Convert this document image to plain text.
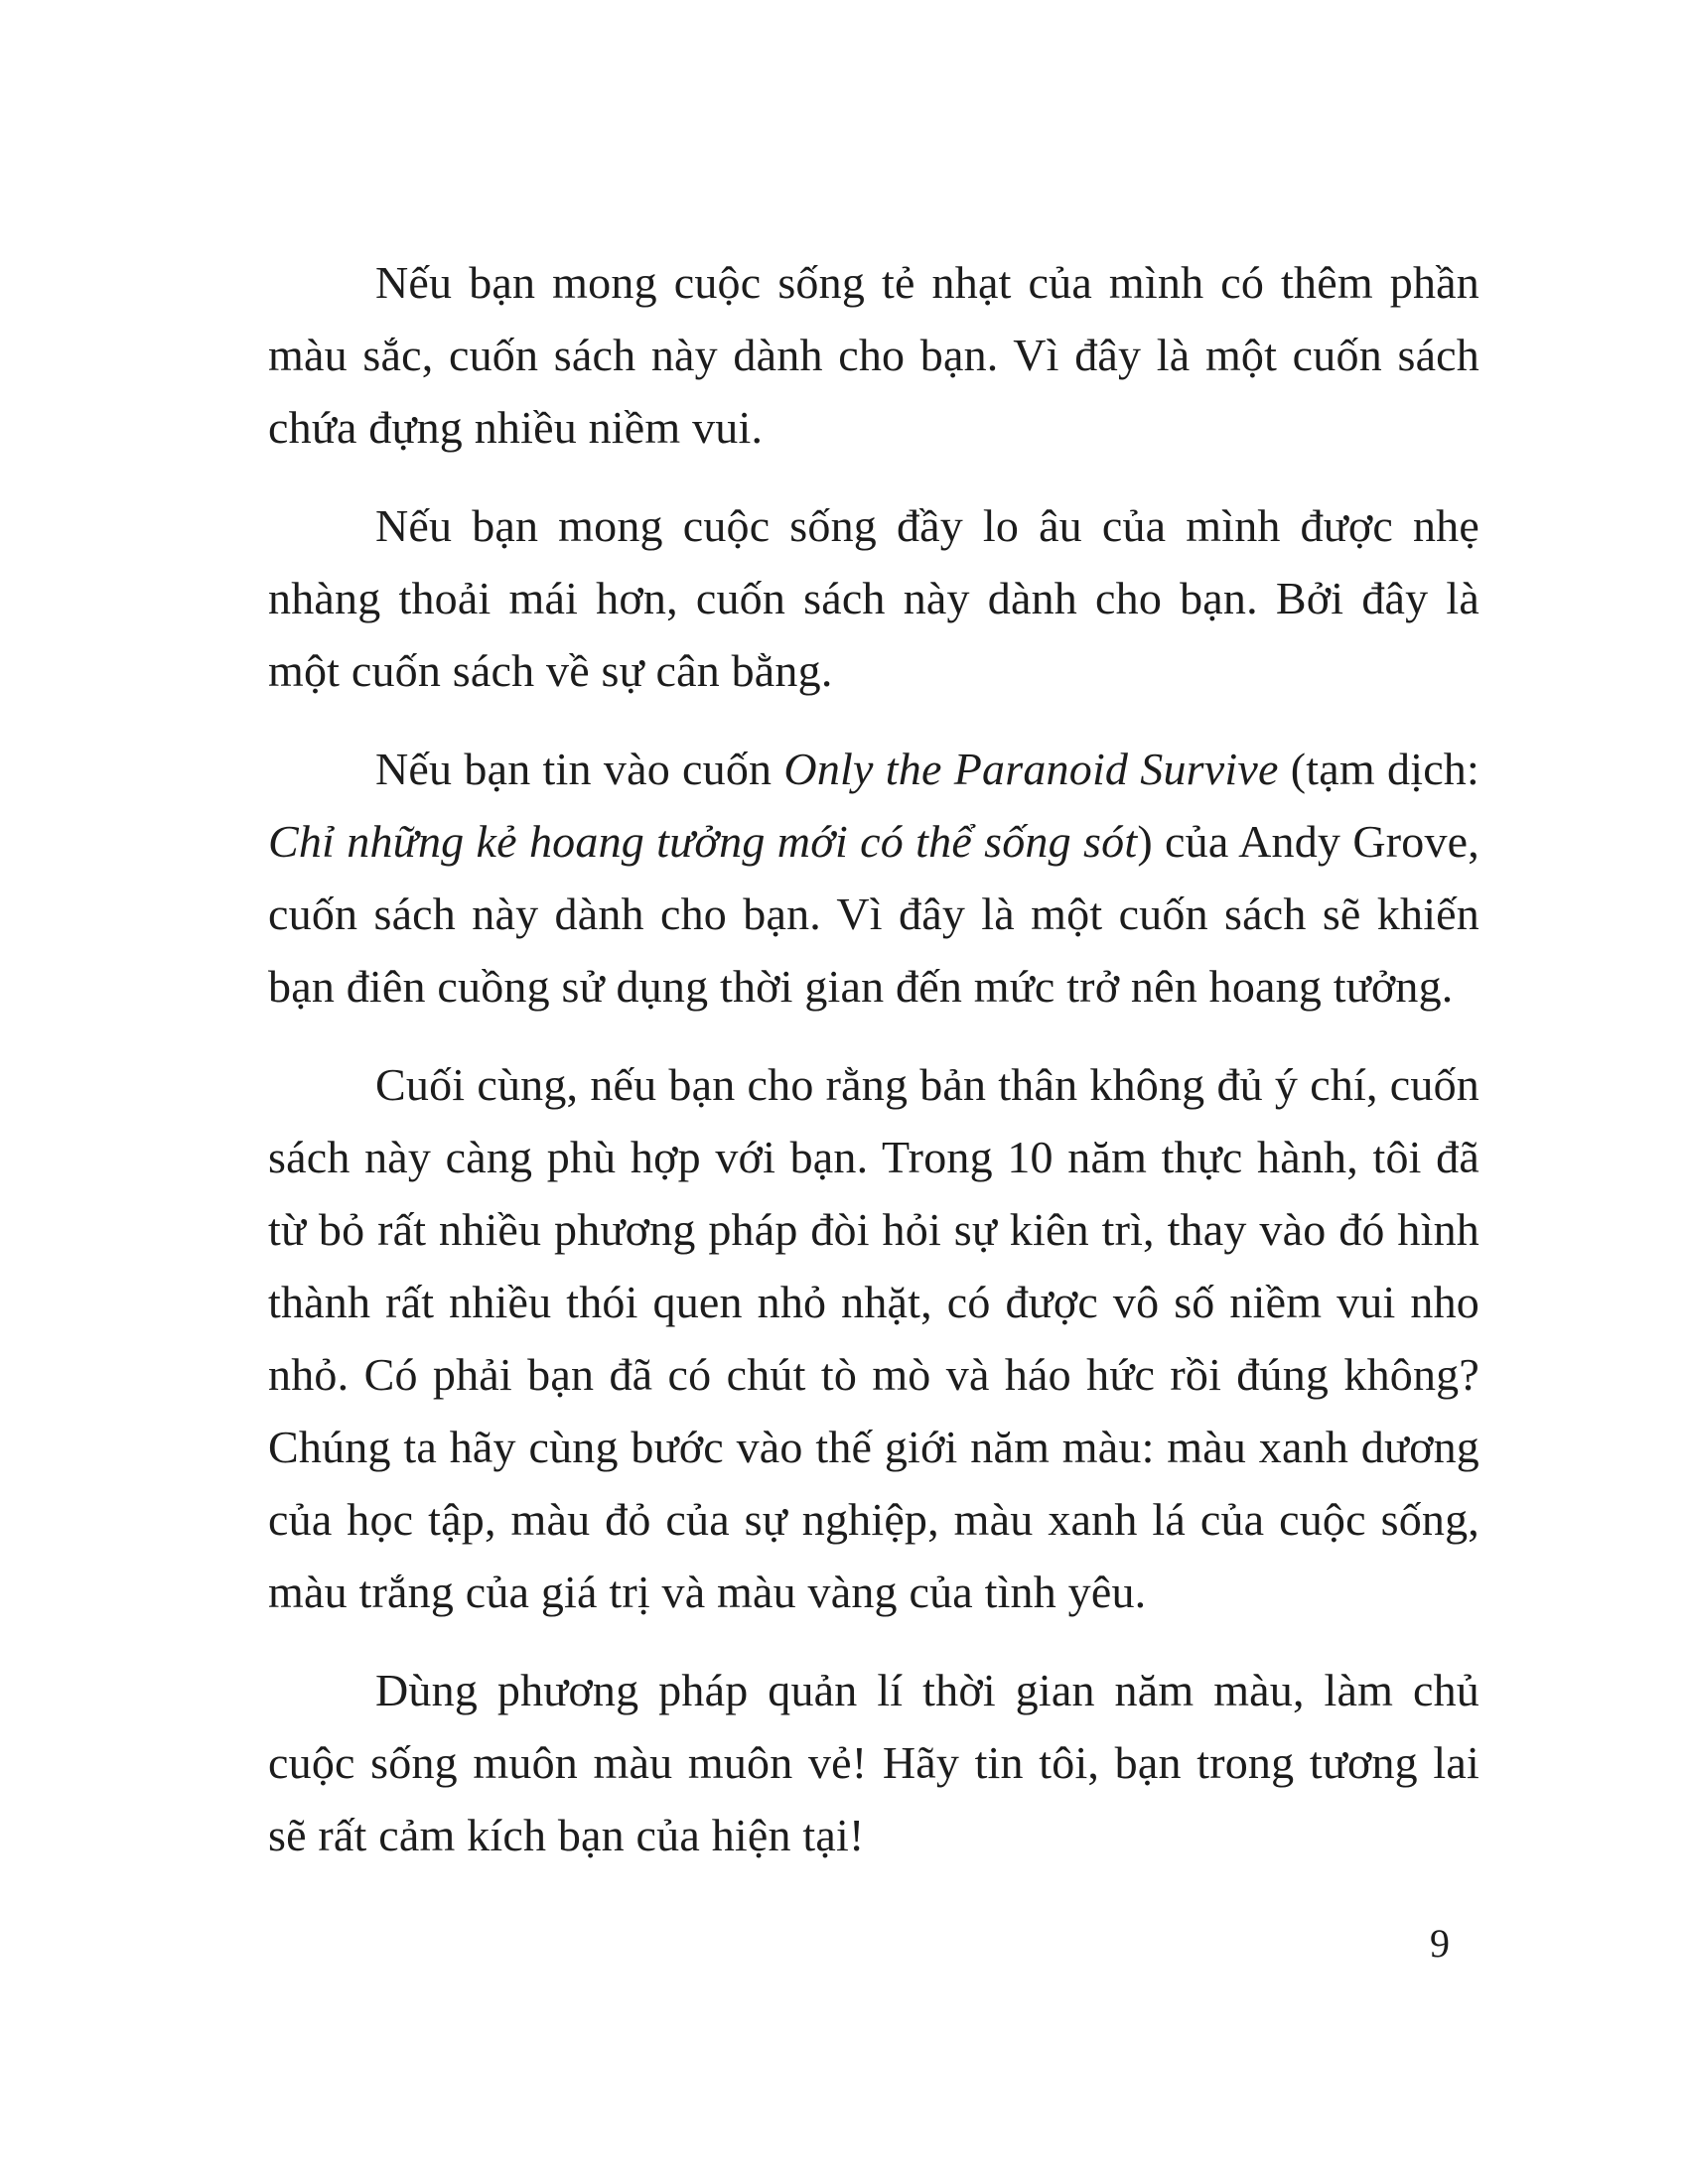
Nếu bạn mong cuộc sống tẻ nhạt của mình có thêm phần màu sắc, cuốn sách này dành cho bạn. Vì đây là một cuốn sách chứa đựng nhiều niềm vui.

Nếu bạn mong cuộc sống đầy lo âu của mình được nhẹ nhàng thoải mái hơn, cuốn sách này dành cho bạn. Bởi đây là một cuốn sách về sự cân bằng.

Nếu bạn tin vào cuốn Only the Paranoid Survive (tạm dịch: Chỉ những kẻ hoang tưởng mới có thể sống sót) của Andy Grove, cuốn sách này dành cho bạn. Vì đây là một cuốn sách sẽ khiến bạn điên cuồng sử dụng thời gian đến mức trở nên hoang tưởng.

Cuối cùng, nếu bạn cho rằng bản thân không đủ ý chí, cuốn sách này càng phù hợp với bạn. Trong 10 năm thực hành, tôi đã từ bỏ rất nhiều phương pháp đòi hỏi sự kiên trì, thay vào đó hình thành rất nhiều thói quen nhỏ nhặt, có được vô số niềm vui nho nhỏ. Có phải bạn đã có chút tò mò và háo hức rồi đúng không? Chúng ta hãy cùng bước vào thế giới năm màu: màu xanh dương của học tập, màu đỏ của sự nghiệp, màu xanh lá của cuộc sống, màu trắng của giá trị và màu vàng của tình yêu.

Dùng phương pháp quản lí thời gian năm màu, làm chủ cuộc sống muôn màu muôn vẻ! Hãy tin tôi, bạn trong tương lai sẽ rất cảm kích bạn của hiện tại!

9
